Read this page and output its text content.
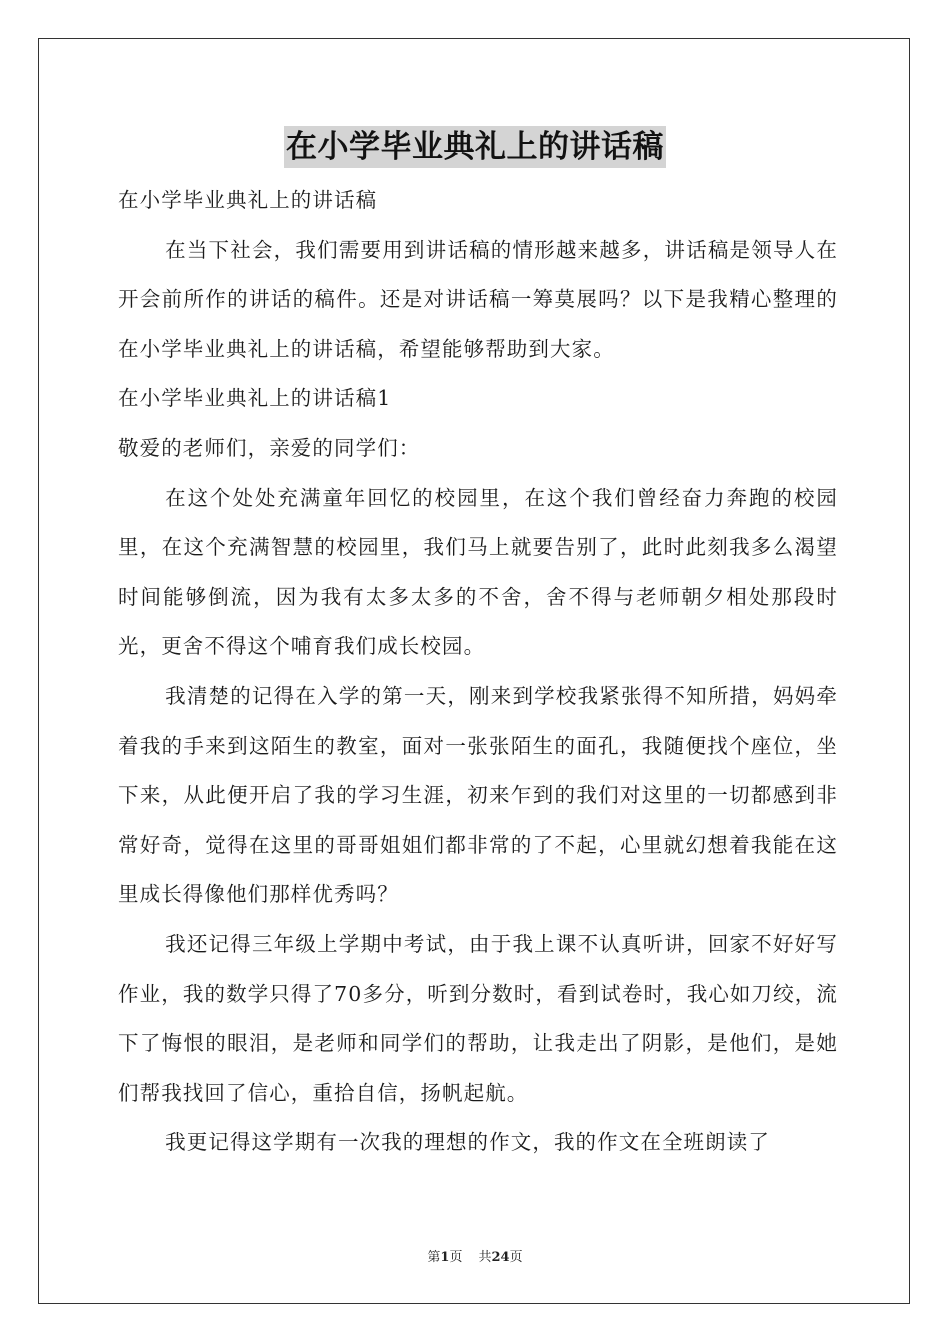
在小学毕业典礼上的讲话稿

在小学毕业典礼上的讲话稿

在当下社会，我们需要用到讲话稿的情形越来越多，讲话稿是领导人在开会前所作的讲话的稿件。还是对讲话稿一筹莫展吗？以下是我精心整理的在小学毕业典礼上的讲话稿，希望能够帮助到大家。

在小学毕业典礼上的讲话稿1

敬爱的老师们，亲爱的同学们：

在这个处处充满童年回忆的校园里，在这个我们曾经奋力奔跑的校园里，在这个充满智慧的校园里，我们马上就要告别了，此时此刻我多么渴望时间能够倒流，因为我有太多太多的不舍，舍不得与老师朝夕相处那段时光，更舍不得这个哺育我们成长校园。

我清楚的记得在入学的第一天，刚来到学校我紧张得不知所措，妈妈牵着我的手来到这陌生的教室，面对一张张陌生的面孔，我随便找个座位，坐下来，从此便开启了我的学习生涯，初来乍到的我们对这里的一切都感到非常好奇，觉得在这里的哥哥姐姐们都非常的了不起，心里就幻想着我能在这里成长得像他们那样优秀吗？

我还记得三年级上学期中考试，由于我上课不认真听讲，回家不好好写作业，我的数学只得了70多分，听到分数时，看到试卷时，我心如刀绞，流下了悔恨的眼泪，是老师和同学们的帮助，让我走出了阴影，是他们，是她们帮我找回了信心，重拾自信，扬帆起航。

我更记得这学期有一次我的理想的作文，我的作文在全班朗读了

第1页 共24页
